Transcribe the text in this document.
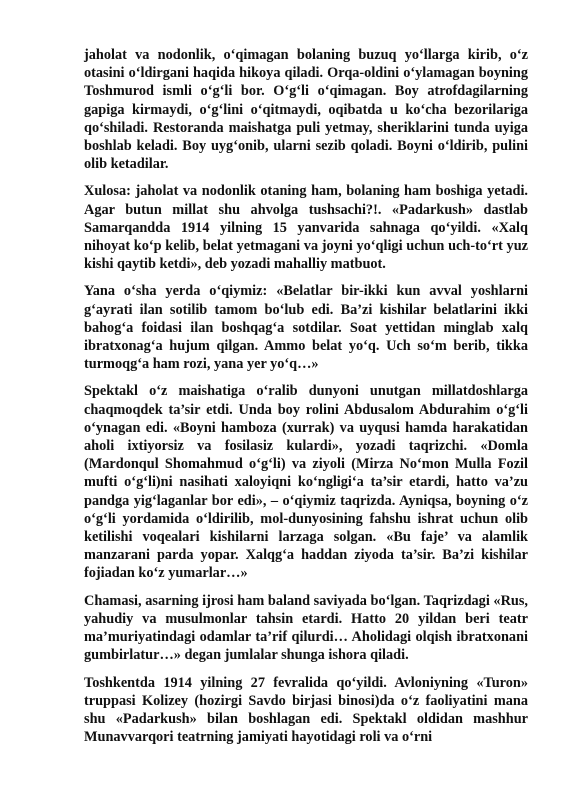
jaholat va nodonlik, o‘qimagan bolaning buzuq yo‘llarga kirib, o‘z otasini o‘ldirgani haqida hikoya qiladi. Orqa-oldini o‘ylamagan boyning Toshmurod ismli o‘g‘li bor. O‘g‘li o‘qimagan. Boy atrofdagilarning gapiga kirmaydi, o‘g‘lini o‘qitmaydi, oqibatda u ko‘cha bezorilariga qo‘shiladi. Restoranda maishatga puli yetmay, sheriklarini tunda uyiga boshlab keladi. Boy uyg‘onib, ularni sezib qoladi. Boyni o‘ldirib, pulini olib ketadilar.

Xulosa: jaholat va nodonlik otaning ham, bolaning ham boshiga yetadi. Agar butun millat shu ahvolga tushsachi?!. «Padarkush» dastlab Samarqandda 1914 yilning 15 yanvarida sahnaga qo‘yildi. «Xalq nihoyat ko‘p kelib, belat yetmagani va joyni yo‘qligi uchun uch-to‘rt yuz kishi qaytib ketdi», deb yozadi mahalliy matbuot.

Yana o‘sha yerda o‘qiymiz: «Belatlar bir-ikki kun avval yoshlarni g‘ayrati ilan sotilib tamom bo‘lub edi. Ba’zi kishilar belatlarini ikki bahog‘a foidasi ilan boshqag‘a sotdilar. Soat yettidan minglab xalq ibratxonag‘a hujum qilgan. Ammo belat yo‘q. Uch so‘m berib, tikka turmoqg‘a ham rozi, yana yer yo‘q…»

Spektakl o‘z maishatiga o‘ralib dunyoni unutgan millatdoshlarga chaqmoqdek ta’sir etdi. Unda boy rolini Abdusalom Abdurahim o‘g‘li o‘ynagan edi. «Boyni hamboza (xurrak) va uyqusi hamda harakatidan aholi ixtiyorsiz va fosilasiz kulardi», yozadi taqrizchi. «Domla (Mardonqul Shomahmud o‘g‘li) va ziyoli (Mirza No‘mon Mulla Fozil mufti o‘g‘li)ni nasihati xaloyiqni ko‘ngligi‘a ta’sir etardi, hatto va’zu pandga yig‘laganlar bor edi», – o‘qiymiz taqrizda. Ayniqsa, boyning o‘z o‘g‘li yordamida o‘ldirilib, mol-dunyosining fahshu ishrat uchun olib ketilishi voqealari kishilarni larzaga solgan. «Bu faje’ va alamlik manzarani parda yopar. Xalqg‘a haddan ziyoda ta’sir. Ba’zi kishilar fojiadan ko‘z yumarlar…»

Chamasi, asarning ijrosi ham baland saviyada bo‘lgan. Taqrizdagi «Rus, yahudiy va musulmonlar tahsin etardi. Hatto 20 yildan beri teatr ma’muriyatindagi odamlar ta’rif qilurdi… Aholidagi olqish ibratxonani gumbirlatur…» degan jumlalar shunga ishora qiladi.

Toshkentda 1914 yilning 27 fevralida qo‘yildi. Avloniyning «Turon» truppasi Kolizey (hozirgi Savdo birjasi binosi)da o‘z faoliyatini mana shu «Padarkush» bilan boshlagan edi. Spektakl oldidan mashhur Munavvarqori teatrning jamiyati hayotidagi roli va o‘rni
